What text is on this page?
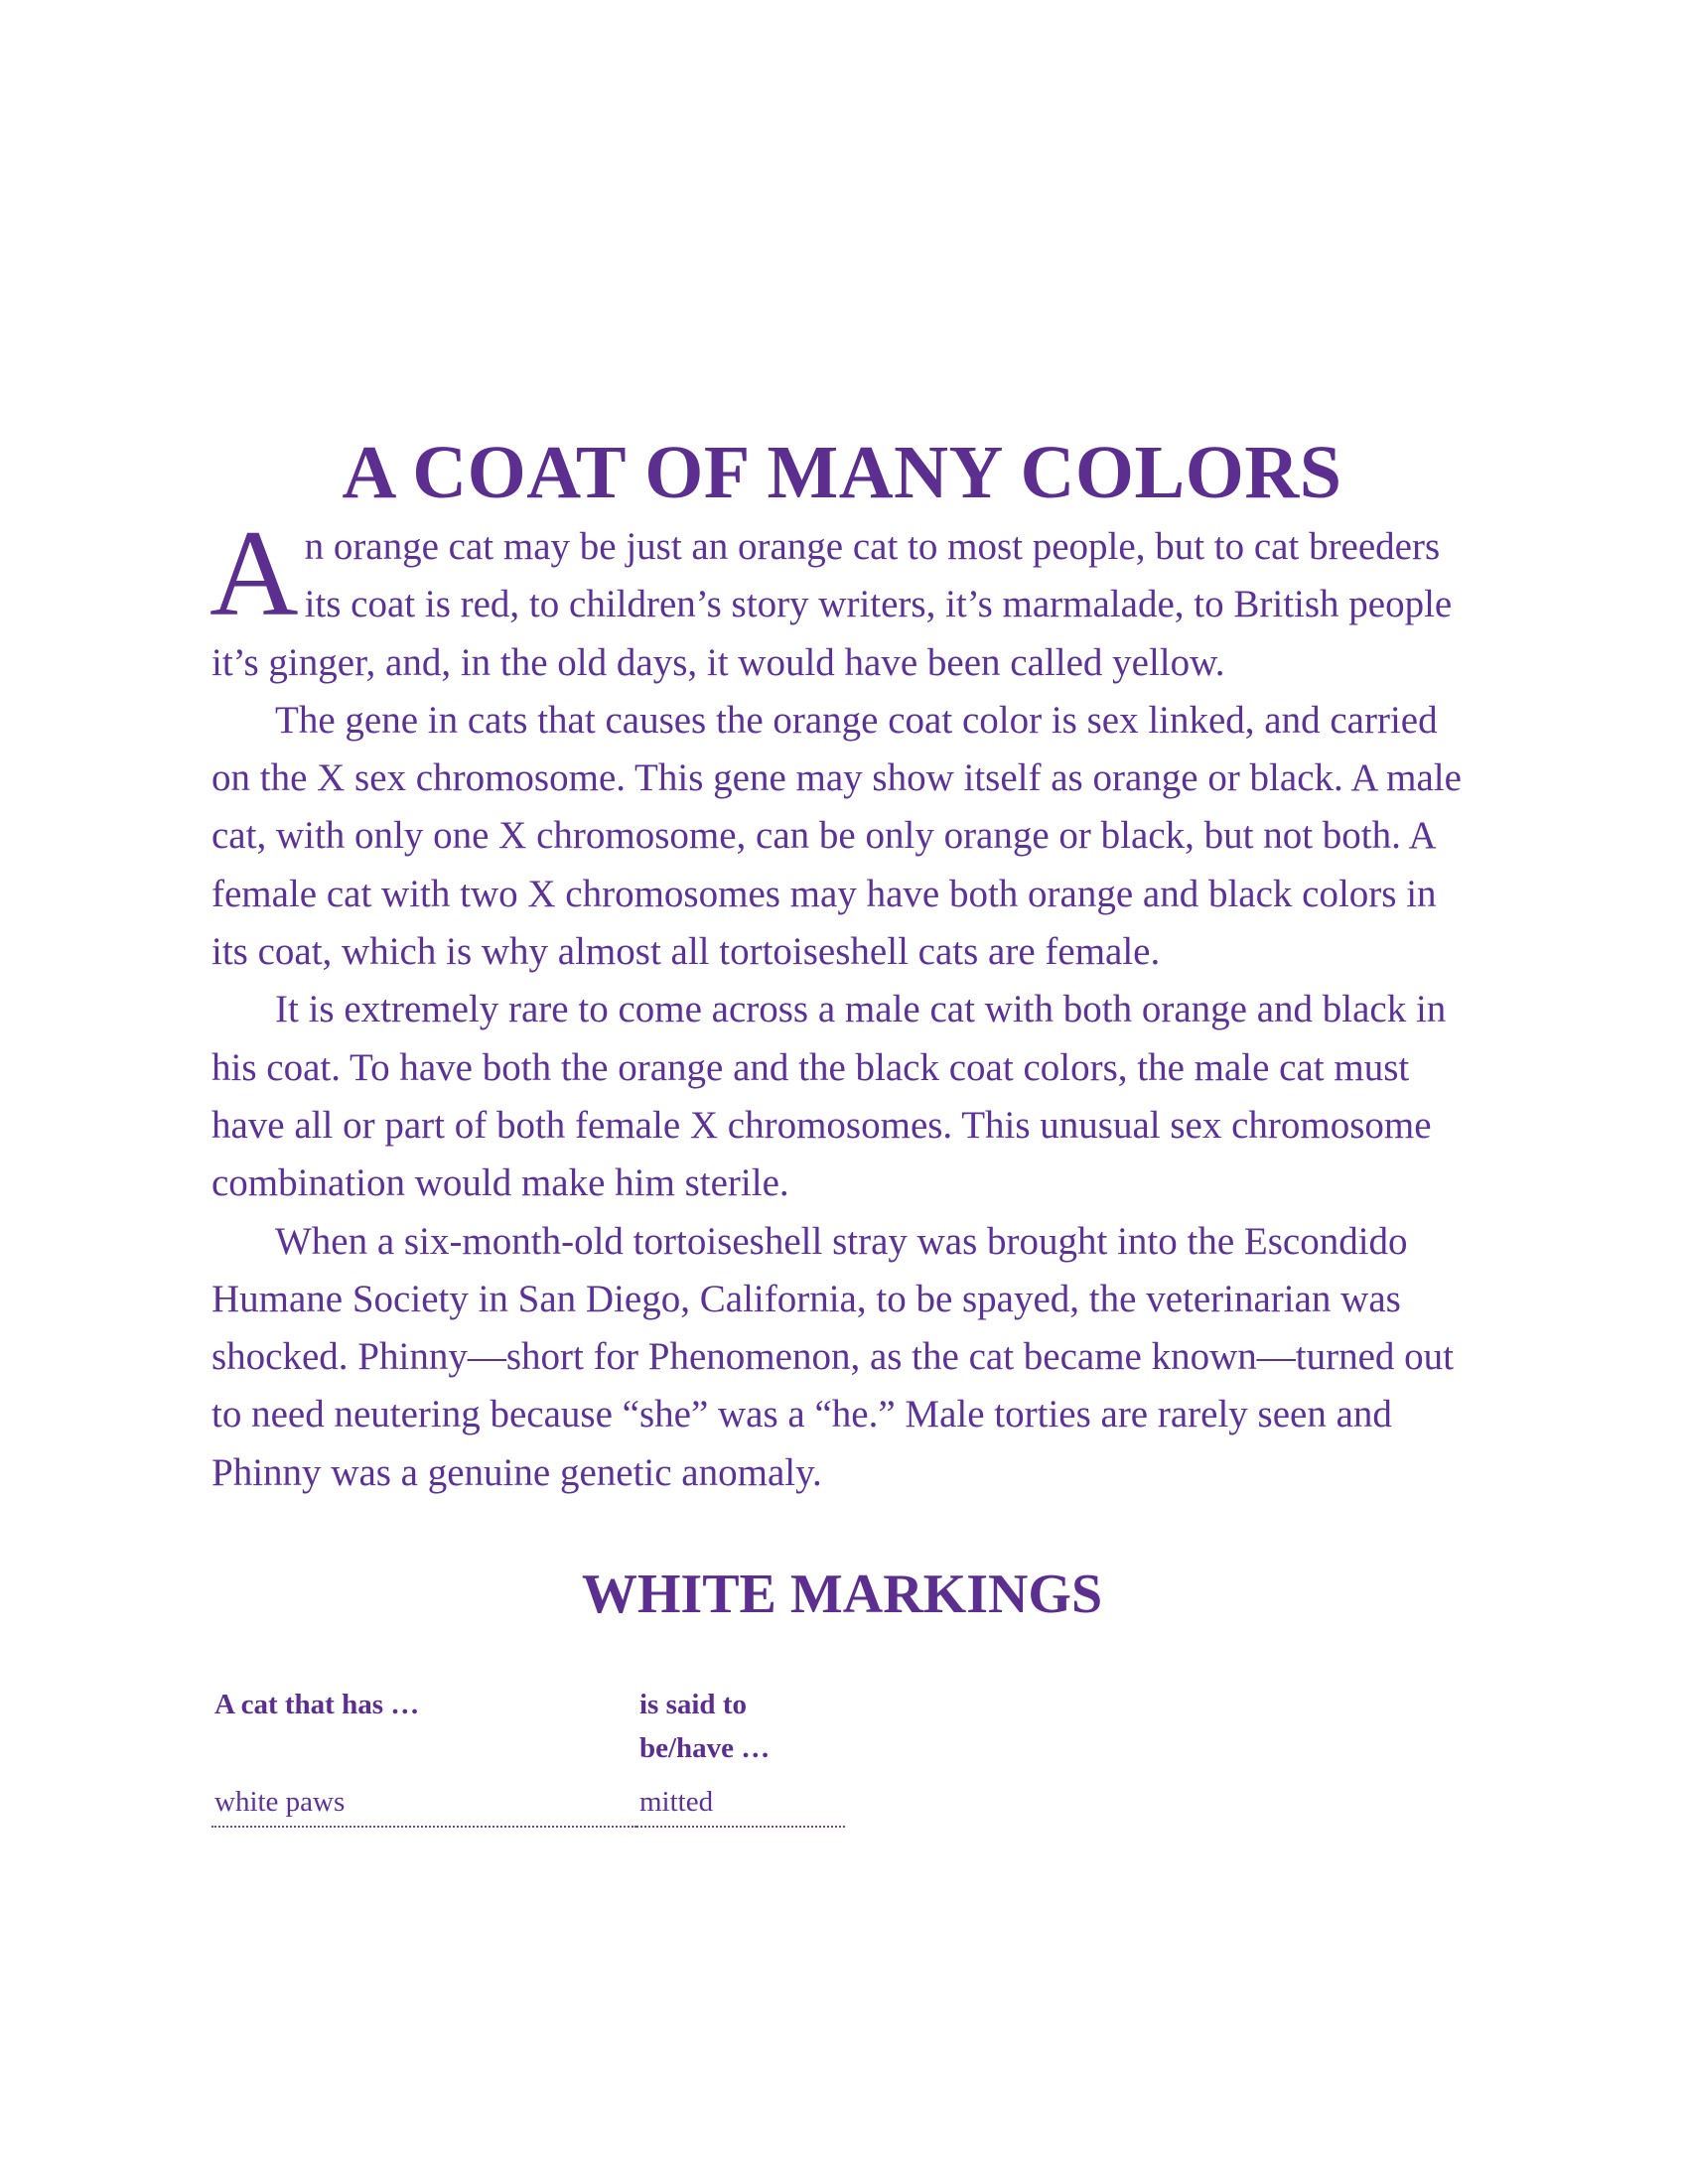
A COAT OF MANY COLORS

An orange cat may be just an orange cat to most people, but to cat breeders its coat is red, to children’s story writers, it’s marmalade, to British people it’s ginger, and, in the old days, it would have been called yellow.

The gene in cats that causes the orange coat color is sex linked, and carried on the X sex chromosome. This gene may show itself as orange or black. A male cat, with only one X chromosome, can be only orange or black, but not both. A female cat with two X chromosomes may have both orange and black colors in its coat, which is why almost all tortoiseshell cats are female.

It is extremely rare to come across a male cat with both orange and black in his coat. To have both the orange and the black coat colors, the male cat must have all or part of both female X chromosomes. This unusual sex chromosome combination would make him sterile.

When a six-month-old tortoiseshell stray was brought into the Escondido Humane Society in San Diego, California, to be spayed, the veterinarian was shocked. Phinny—short for Phenomenon, as the cat became known—turned out to need neutering because “she” was a “he.” Male torties are rarely seen and Phinny was a genuine genetic anomaly.

WHITE MARKINGS
A cat that has …	is said to be/have …
white paws	mitted
